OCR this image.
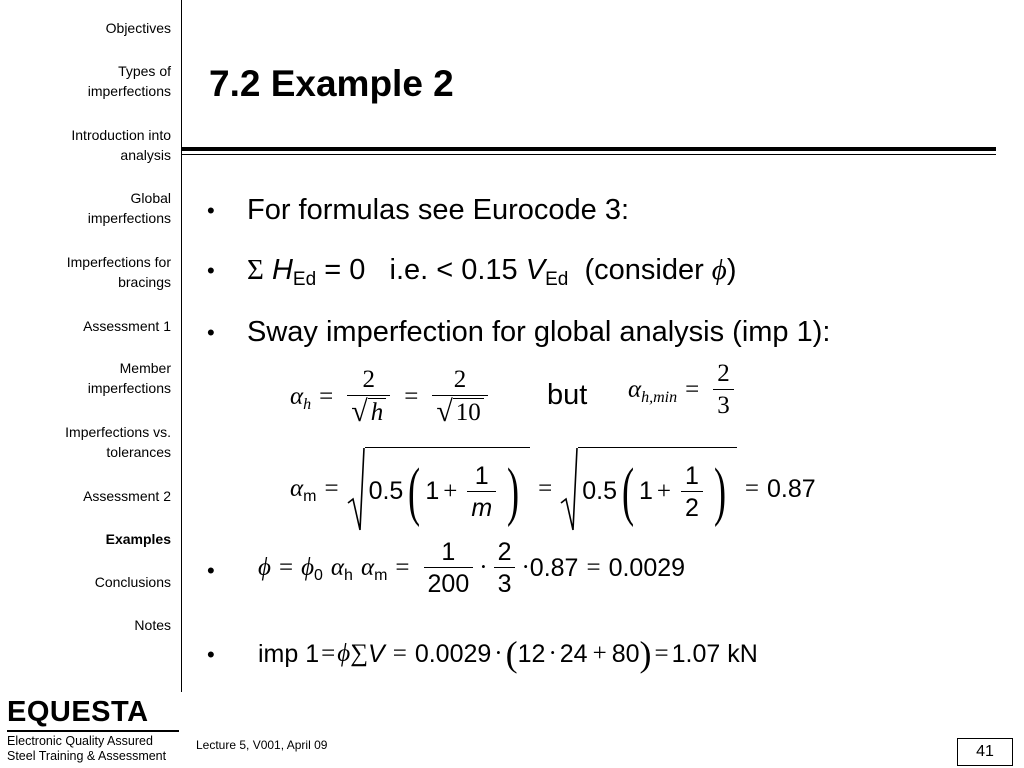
Objectives
Types of
imperfections
Introduction into
analysis
Global
imperfections
Imperfections for
bracings
Assessment 1
Member
imperfections
Imperfections vs.
tolerances
Assessment 2
Examples
Conclusions
Notes
EQUESTA
Electronic Quality Assured
Steel Training & Assessment
7.2 Example 2
• For formulas see Eurocode 3:
• Σ $H_{Ed} = 0$   i.e. < 0.15 $V_{Ed}$  (consider ϕ)
• Sway imperfection for global analysis (imp 1):
α $h = \frac{2}{√ h} = \frac{2}{√ 10}$ but α $h,\min = \frac{2}{3}$
α m = 0.5 ( $1 + \frac{1}{m}$ ) = 0.5 ( $1 + \frac{1}{2}$ ) = 0.87
• ϕ = ϕ 0 α h α $m = \frac{1}{200} \cdot \frac{2}{3} \cdot 0.87 = 0.0029$
• imp 1 = ϕ ∑ V = 0.0029 · ( 12 · 24 + 80 ) = 1.07 kN
Lecture 5, V001, April 09	41
